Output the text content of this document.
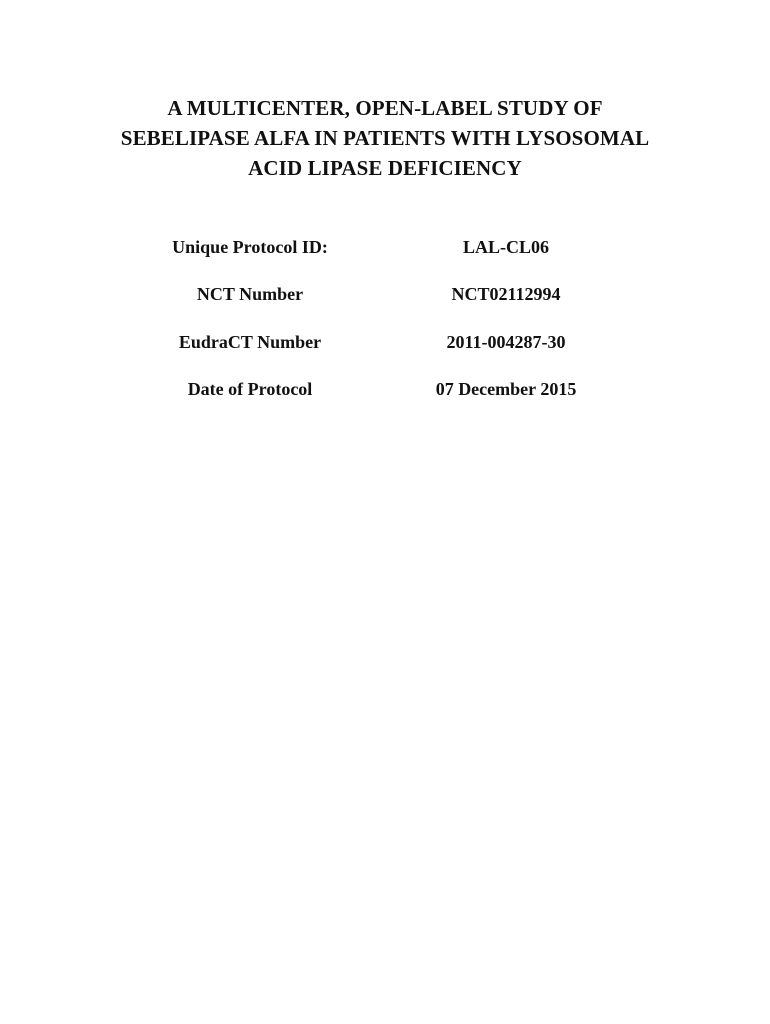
A MULTICENTER, OPEN-LABEL STUDY OF
SEBELIPASE ALFA IN PATIENTS WITH LYSOSOMAL
ACID LIPASE DEFICIENCY
Unique Protocol ID:	LAL-CL06
NCT Number	NCT02112994
EudraCT Number	2011-004287-30
Date of Protocol	07 December 2015
